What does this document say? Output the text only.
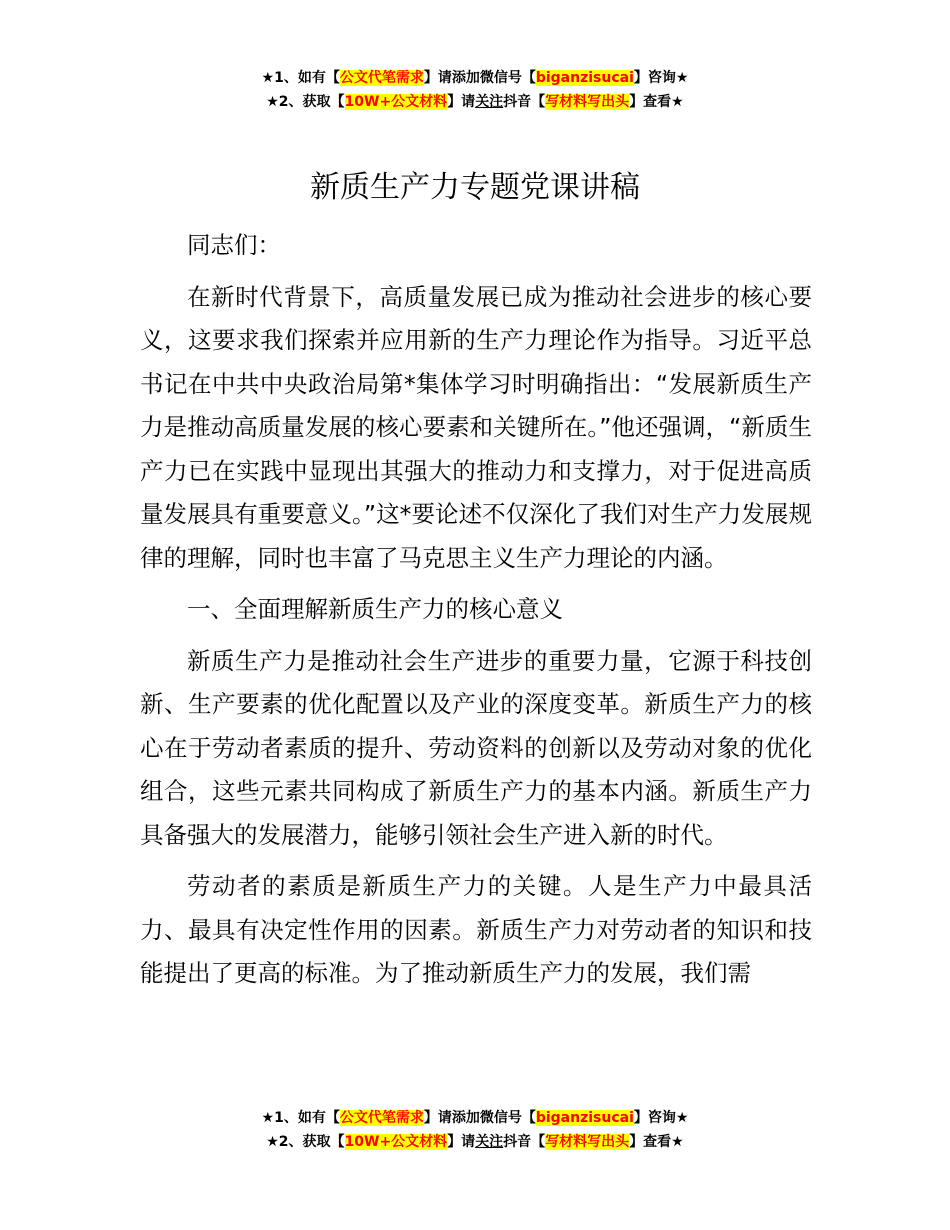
★1、如有【公文代笔需求】请添加微信号【biganzisucai】咨询★
★2、获取【10W+公文材料】请关注抖音【写材料写出头】查看★
新质生产力专题党课讲稿

同志们：

在新时代背景下，高质量发展已成为推动社会进步的核心要义，这要求我们探索并应用新的生产力理论作为指导。习近平总书记在中共中央政治局第*集体学习时明确指出：“发展新质生产力是推动高质量发展的核心要素和关键所在。”他还强调，“新质生产力已在实践中显现出其强大的推动力和支撑力，对于促进高质量发展具有重要意义。”这*要论述不仅深化了我们对生产力发展规律的理解，同时也丰富了马克思主义生产力理论的内涵。

一、全面理解新质生产力的核心意义

新质生产力是推动社会生产进步的重要力量，它源于科技创新、生产要素的优化配置以及产业的深度变革。新质生产力的核心在于劳动者素质的提升、劳动资料的创新以及劳动对象的优化组合，这些元素共同构成了新质生产力的基本内涵。新质生产力具备强大的发展潜力，能够引领社会生产进入新的时代。

劳动者的素质是新质生产力的关键。人是生产力中最具活力、最具有决定性作用的因素。新质生产力对劳动者的知识和技能提出了更高的标准。为了推动新质生产力的发展，我们需

★1、如有【公文代笔需求】请添加微信号【biganzisucai】咨询★
★2、获取【10W+公文材料】请关注抖音【写材料写出头】查看★
